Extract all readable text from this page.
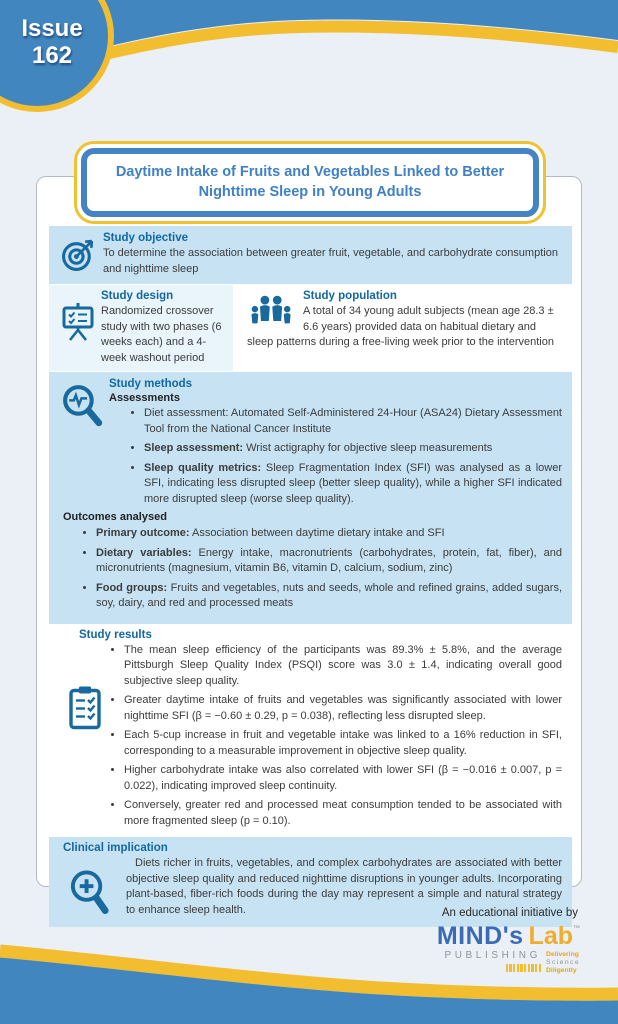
Issue
162
Daytime Intake of Fruits and Vegetables Linked to Better Nighttime Sleep in Young Adults
Study objective
To determine the association between greater fruit, vegetable, and carbohydrate consumption and nighttime sleep
Study design
Randomized crossover study with two phases (6 weeks each) and a 4-week washout period
Study population
A total of 34 young adult subjects (mean age 28.3 ± 6.6 years) provided data on habitual dietary and sleep patterns during a free-living week prior to the intervention
Study methods
Assessments
• Diet assessment: Automated Self-Administered 24-Hour (ASA24) Dietary Assessment Tool from the National Cancer Institute
• Sleep assessment: Wrist actigraphy for objective sleep measurements
• Sleep quality metrics: Sleep Fragmentation Index (SFI) was analysed as a lower SFI, indicating less disrupted sleep (better sleep quality), while a higher SFI indicated more disrupted sleep (worse sleep quality).
Outcomes analysed
• Primary outcome: Association between daytime dietary intake and SFI
• Dietary variables: Energy intake, macronutrients (carbohydrates, protein, fat, fiber), and micronutrients (magnesium, vitamin B6, vitamin D, calcium, sodium, zinc)
• Food groups: Fruits and vegetables, nuts and seeds, whole and refined grains, added sugars, soy, dairy, and red and processed meats
Study results
• The mean sleep efficiency of the participants was 89.3% ± 5.8%, and the average Pittsburgh Sleep Quality Index (PSQI) score was 3.0 ± 1.4, indicating overall good subjective sleep quality.
• Greater daytime intake of fruits and vegetables was significantly associated with lower nighttime SFI (β = −0.60 ± 0.29, p = 0.038), reflecting less disrupted sleep.
• Each 5-cup increase in fruit and vegetable intake was linked to a 16% reduction in SFI, corresponding to a measurable improvement in objective sleep quality.
• Higher carbohydrate intake was also correlated with lower SFI (β = −0.016 ± 0.007, p = 0.022), indicating improved sleep continuity.
• Conversely, greater red and processed meat consumption tended to be associated with more fragmented sleep (p = 0.10).
Clinical implication
Diets richer in fruits, vegetables, and complex carbohydrates are associated with better objective sleep quality and reduced nighttime disruptions in younger adults. Incorporating plant-based, fiber-rich foods during the day may represent a simple and natural strategy to enhance sleep health.	An educational initiative by
MIND's Lab ™
PUBLISHING Delivering
Science
Diligently
